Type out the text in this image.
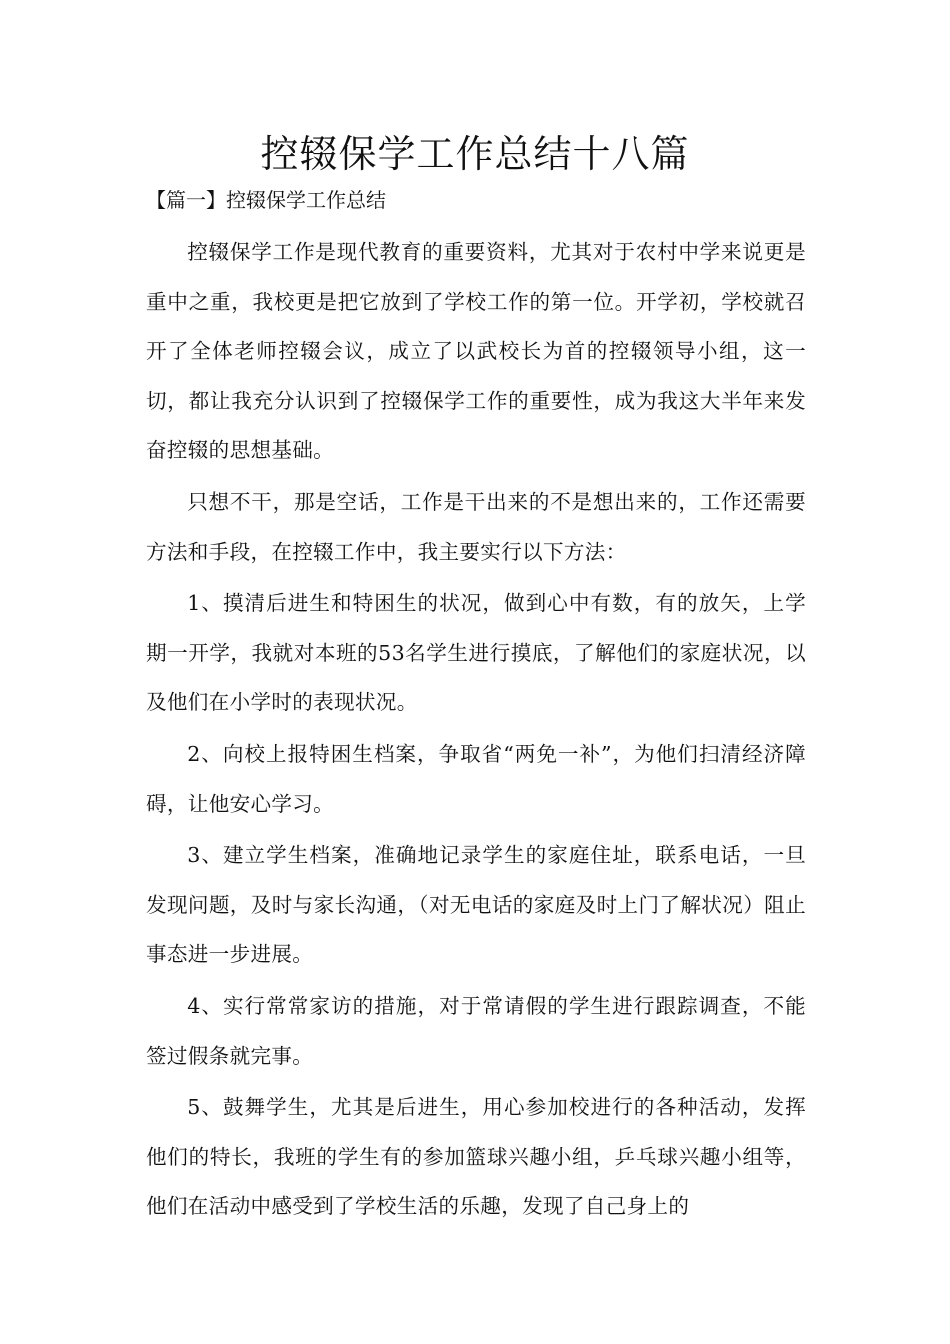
控辍保学工作总结十八篇
【篇一】控辍保学工作总结

控辍保学工作是现代教育的重要资料，尤其对于农村中学来说更是重中之重，我校更是把它放到了学校工作的第一位。开学初，学校就召开了全体老师控辍会议，成立了以武校长为首的控辍领导小组，这一切，都让我充分认识到了控辍保学工作的重要性，成为我这大半年来发奋控辍的思想基础。

只想不干，那是空话，工作是干出来的不是想出来的，工作还需要方法和手段，在控辍工作中，我主要实行以下方法：

1、摸清后进生和特困生的状况，做到心中有数，有的放矢，上学期一开学，我就对本班的53名学生进行摸底，了解他们的家庭状况，以及他们在小学时的表现状况。

2、向校上报特困生档案，争取省“两免一补”，为他们扫清经济障碍，让他安心学习。

3、建立学生档案，准确地记录学生的家庭住址，联系电话，一旦发现问题，及时与家长沟通，（对无电话的家庭及时上门了解状况）阻止事态进一步进展。

4、实行常常家访的措施，对于常请假的学生进行跟踪调查，不能签过假条就完事。

5、鼓舞学生，尤其是后进生，用心参加校进行的各种活动，发挥他们的特长，我班的学生有的参加篮球兴趣小组，乒乓球兴趣小组等，他们在活动中感受到了学校生活的乐趣，发现了自己身上的
